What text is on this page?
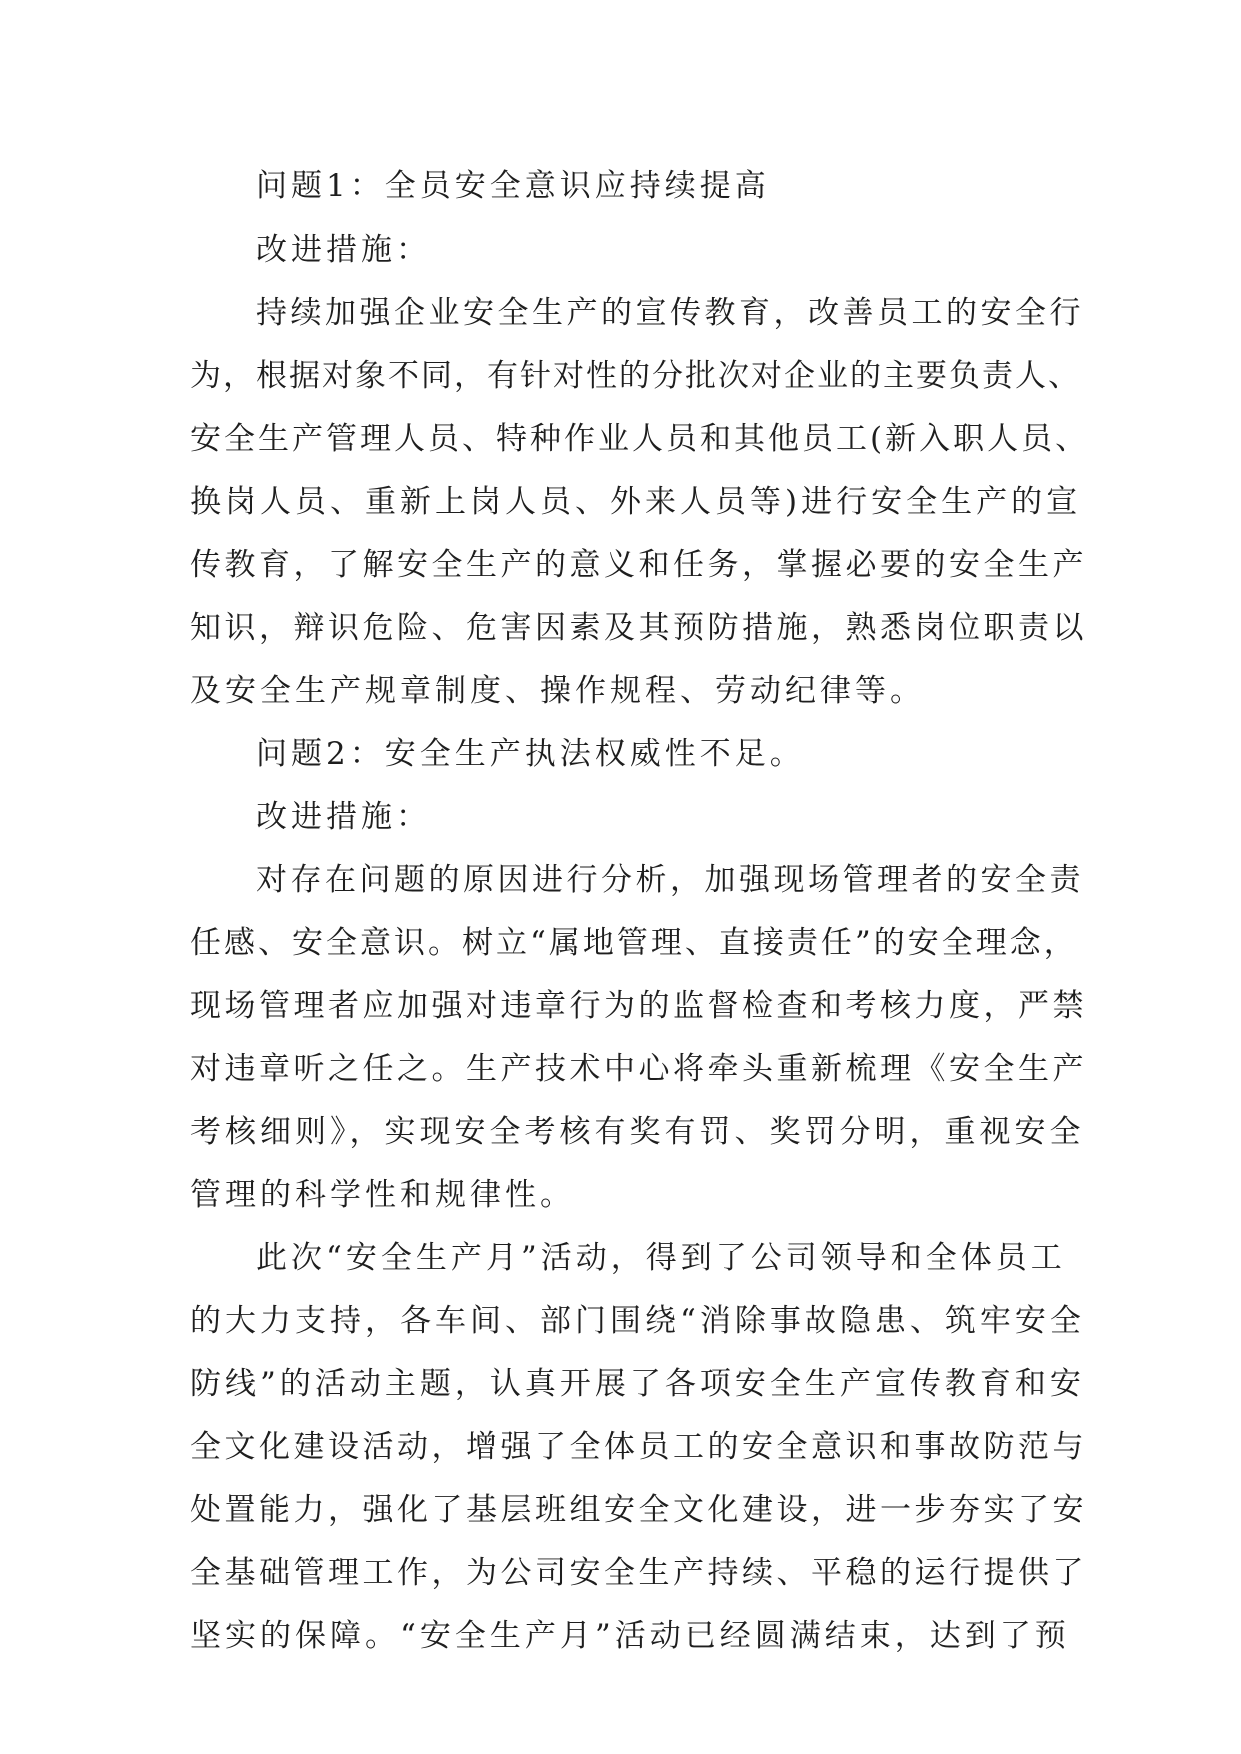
问题1：全员安全意识应持续提高
改进措施：
持续加强企业安全生产的宣传教育，改善员工的安全行
为，根据对象不同，有针对性的分批次对企业的主要负责人、
安全生产管理人员、特种作业人员和其他员工(新入职人员、
换岗人员、重新上岗人员、外来人员等)进行安全生产的宣
传教育，了解安全生产的意义和任务，掌握必要的安全生产
知识，辩识危险、危害因素及其预防措施，熟悉岗位职责以
及安全生产规章制度、操作规程、劳动纪律等。
问题2：安全生产执法权威性不足。
改进措施：
对存在问题的原因进行分析，加强现场管理者的安全责
任感、安全意识。树立“属地管理、直接责任”的安全理念，
现场管理者应加强对违章行为的监督检查和考核力度，严禁
对违章听之任之。生产技术中心将牵头重新梳理《安全生产
考核细则》，实现安全考核有奖有罚、奖罚分明，重视安全
管理的科学性和规律性。
此次“安全生产月”活动，得到了公司领导和全体员工
的大力支持，各车间、部门围绕“消除事故隐患、筑牢安全
防线”的活动主题，认真开展了各项安全生产宣传教育和安
全文化建设活动，增强了全体员工的安全意识和事故防范与
处置能力，强化了基层班组安全文化建设，进一步夯实了安
全基础管理工作，为公司安全生产持续、平稳的运行提供了
坚实的保障。“安全生产月”活动已经圆满结束，达到了预
